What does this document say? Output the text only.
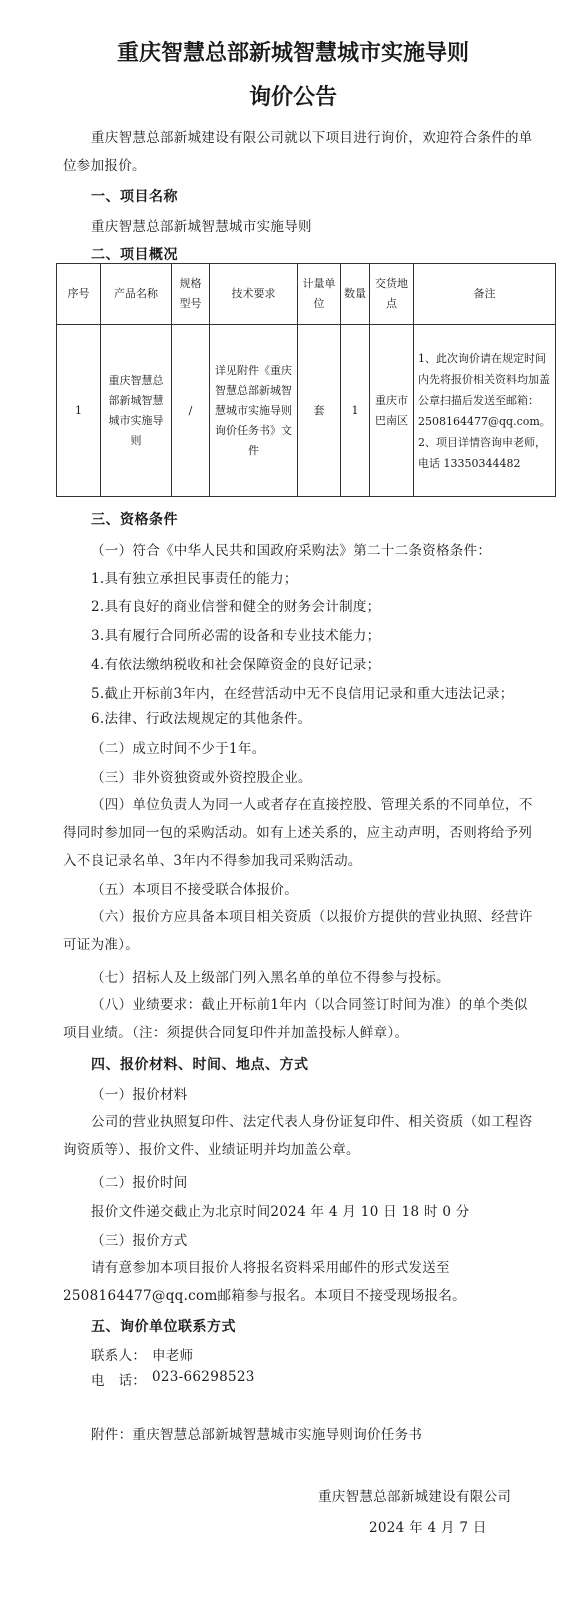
重庆智慧总部新城智慧城市实施导则
询价公告

重庆智慧总部新城建设有限公司就以下项目进行询价，欢迎符合条件的单位参加报价。

一、项目名称
重庆智慧总部新城智慧城市实施导则
二、项目概况
序号	产品名称	规格型号	技术要求	计量单位	数量	交货地点	备注
1	重庆智慧总部新城智慧城市实施导则	/	详见附件《重庆智慧总部新城智慧城市实施导则询价任务书》文件	套	1	重庆市巴南区	1、此次询价请在规定时间内先将报价相关资料均加盖公章扫描后发送至邮箱：2508164477@qq.com。2、项目详情咨询申老师，电话 13350344482
三、资格条件
（一）符合《中华人民共和国政府采购法》第二十二条资格条件：
1.具有独立承担民事责任的能力；
2.具有良好的商业信誉和健全的财务会计制度；
3.具有履行合同所必需的设备和专业技术能力；
4.有依法缴纳税收和社会保障资金的良好记录；
5.截止开标前3年内，在经营活动中无不良信用记录和重大违法记录；
6.法律、行政法规规定的其他条件。
（二）成立时间不少于1年。
（三）非外资独资或外资控股企业。

（四）单位负责人为同一人或者存在直接控股、管理关系的不同单位，不得同时参加同一包的采购活动。如有上述关系的，应主动声明，否则将给予列入不良记录名单、3年内不得参加我司采购活动。

（五）本项目不接受联合体报价。

（六）报价方应具备本项目相关资质（以报价方提供的营业执照、经营许可证为准）。

（七）招标人及上级部门列入黑名单的单位不得参与投标。

（八）业绩要求：截止开标前1年内（以合同签订时间为准）的单个类似项目业绩。（注：须提供合同复印件并加盖投标人鲜章）。

四、报价材料、时间、地点、方式
（一）报价材料

公司的营业执照复印件、法定代表人身份证复印件、相关资质（如工程咨询资质等）、报价文件、业绩证明并均加盖公章。

（二）报价时间
报价文件递交截止为北京时间2024 年 4 月 10 日 18 时 0 分
（三）报价方式

请有意参加本项目报价人将报名资料采用邮件的形式发送至2508164477@qq.com邮箱参与报名。本项目不接受现场报名。

五、询价单位联系方式
联系人： 申老师
电　话： 023-66298523
附件：重庆智慧总部新城智慧城市实施导则询价任务书
重庆智慧总部新城建设有限公司
2024 年 4 月 7 日
